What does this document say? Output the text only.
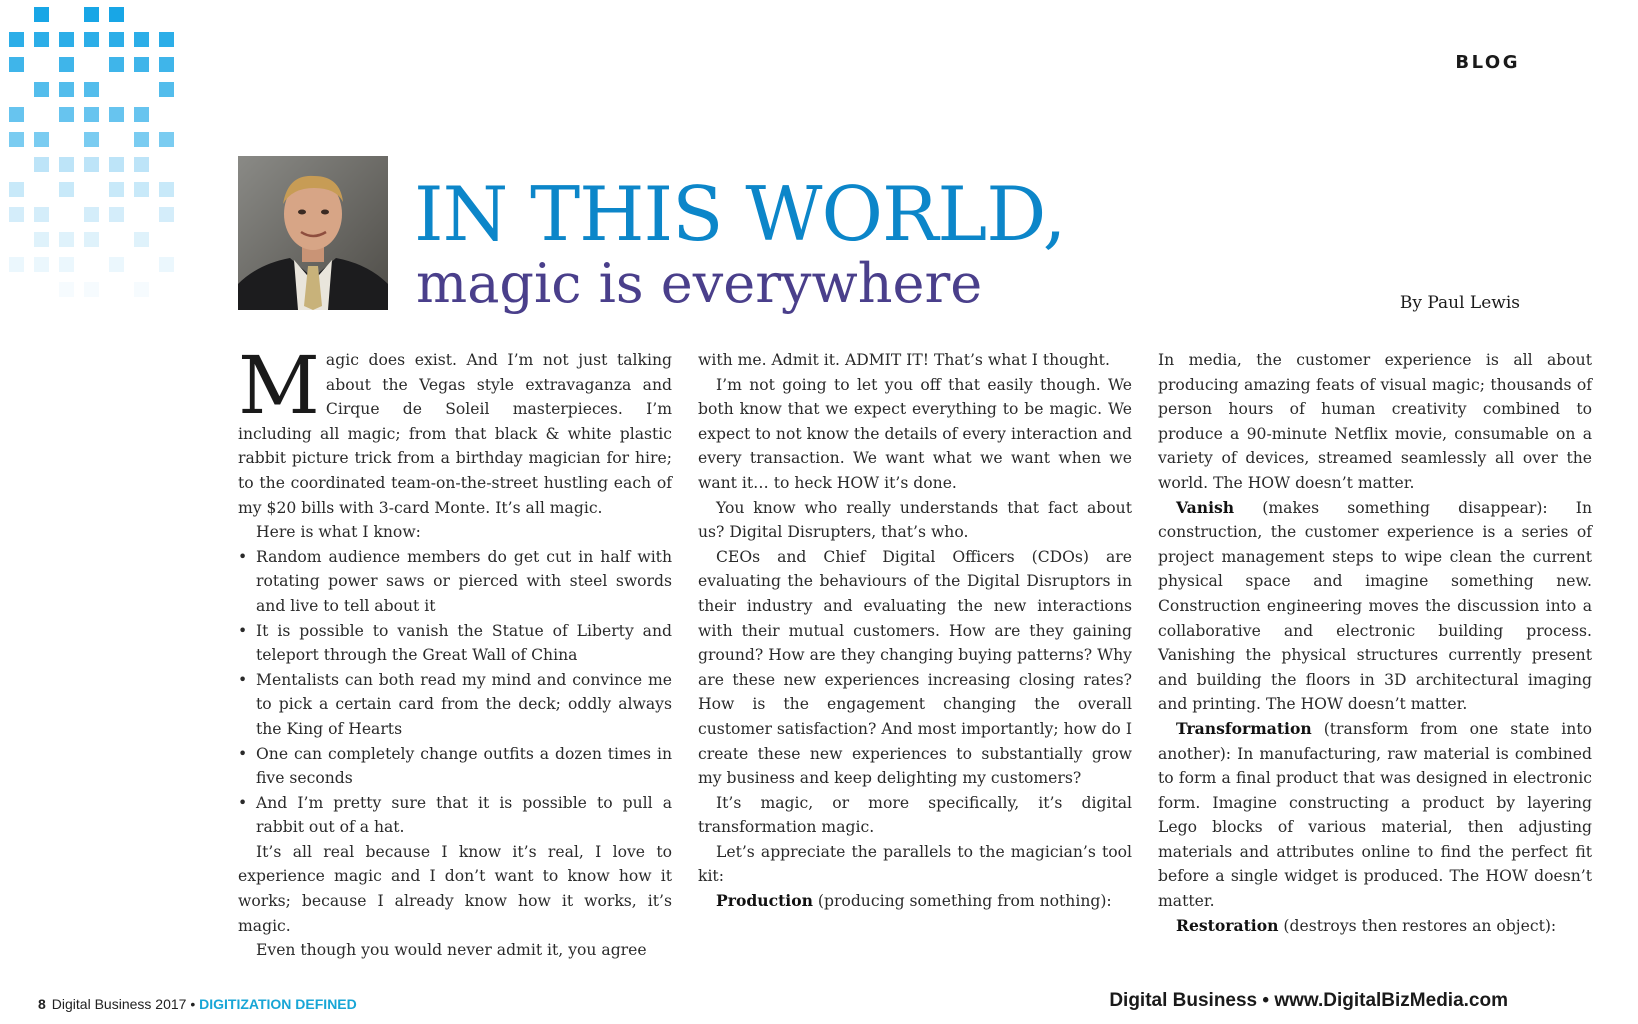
BLOG
IN THIS WORLD,
magic is everywhere	By Paul Lewis

Magic does exist. And I’m not just talking about the Vegas style extravaganza and Cirque de Soleil masterpieces. I’m including all magic; from that black & white plastic rabbit picture trick from a birthday magician for hire; to the coordinated team-on-the-street hustling each of my $20 bills with 3-card Monte. It’s all magic.

Here is what I know:

• Random audience members do get cut in half with rotating power saws or pierced with steel swords and live to tell about it
• It is possible to vanish the Statue of Liberty and teleport through the Great Wall of China
• Mentalists can both read my mind and convince me to pick a certain card from the deck; oddly always the King of Hearts
• One can completely change outfits a dozen times in five seconds
• And I’m pretty sure that it is possible to pull a rabbit out of a hat.

It’s all real because I know it’s real, I love to experience magic and I don’t want to know how it works; because I already know how it works, it’s magic.

Even though you would never admit it, you agree

with me. Admit it. ADMIT IT! That’s what I thought.

I’m not going to let you off that easily though. We both know that we expect everything to be magic. We expect to not know the details of every interaction and every transaction. We want what we want when we want it… to heck HOW it’s done.

You know who really understands that fact about us? Digital Disrupters, that’s who.

CEOs and Chief Digital Officers (CDOs) are evaluating the behaviours of the Digital Disruptors in their industry and evaluating the new interactions with their mutual customers. How are they gaining ground? How are they changing buying patterns? Why are these new experiences increasing closing rates? How is the engagement changing the overall customer satisfaction? And most importantly; how do I create these new experiences to substantially grow my business and keep delighting my customers?

It’s magic, or more specifically, it’s digital transformation magic.

Let’s appreciate the parallels to the magician’s tool kit:

Production (producing something from nothing):

In media, the customer experience is all about producing amazing feats of visual magic; thousands of person hours of human creativity combined to produce a 90-minute Netflix movie, consumable on a variety of devices, streamed seamlessly all over the world. The HOW doesn’t matter.

Vanish (makes something disappear): In construction, the customer experience is a series of project management steps to wipe clean the current physical space and imagine something new. Construction engineering moves the discussion into a collaborative and electronic building process. Vanishing the physical structures currently present and building the floors in 3D architectural imaging and printing. The HOW doesn’t matter.

Transformation (transform from one state into another): In manufacturing, raw material is combined to form a final product that was designed in electronic form. Imagine constructing a product by layering Lego blocks of various material, then adjusting materials and attributes online to find the perfect fit before a single widget is produced. The HOW doesn’t matter.

Restoration (destroys then restores an object):

8 Digital Business 2017 • DIGITIZATION DEFINED	Digital Business • www.DigitalBizMedia.com
